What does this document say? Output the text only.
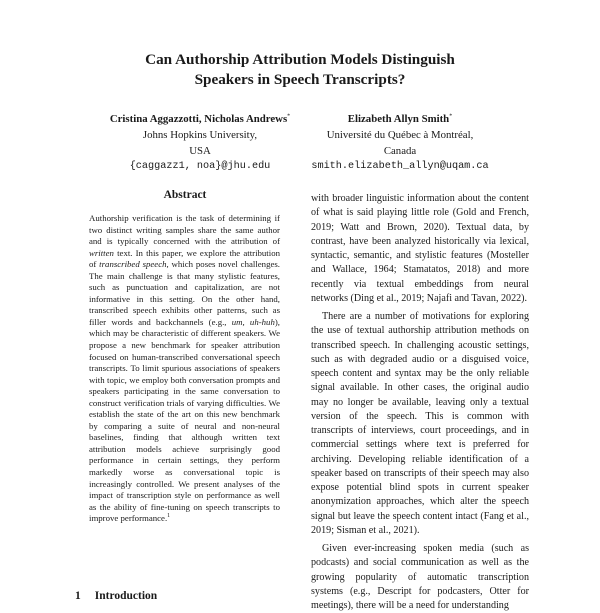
Can Authorship Attribution Models Distinguish
Speakers in Speech Transcripts?
Cristina Aggazzotti, Nicholas Andrews*
Johns Hopkins University,
USA
{caggazz1, noa}@jhu.edu
Elizabeth Allyn Smith*
Université du Québec à Montréal,
Canada
smith.elizabeth_allyn@uqam.ca
Abstract
Authorship verification is the task of determining if two distinct writing samples share the same author and is typically concerned with the attribution of written text. In this paper, we explore the attribution of transcribed speech, which poses novel challenges. The main challenge is that many stylistic features, such as punctuation and capitalization, are not informative in this setting. On the other hand, transcribed speech exhibits other patterns, such as filler words and backchannels (e.g., um, uh-huh), which may be characteristic of different speakers. We propose a new benchmark for speaker attribution focused on human-transcribed conversational speech transcripts. To limit spurious associations of speakers with topic, we employ both conversation prompts and speakers participating in the same conversation to construct verification trials of varying difficulties. We establish the state of the art on this new benchmark by comparing a suite of neural and non-neural baselines, finding that although written text attribution models achieve surprisingly good performance in certain settings, they perform markedly worse as conversational topic is increasingly controlled. We present analyses of the impact of transcription style on performance as well as the ability of fine-tuning on speech transcripts to improve performance.$^1$

with broader linguistic information about the content of what is said playing little role (Gold and French, 2019; Watt and Brown, 2020). Textual data, by contrast, have been analyzed historically via lexical, syntactic, semantic, and stylistic features (Mosteller and Wallace, 1964; Stamatatos, 2018) and more recently via textual embeddings from neural networks (Ding et al., 2019; Najafi and Tavan, 2022).

There are a number of motivations for exploring the use of textual authorship attribution methods on transcribed speech. In challenging acoustic settings, such as with degraded audio or a disguised voice, speech content and syntax may be the only reliable signal available. In other cases, the original audio may no longer be available, leaving only a textual version of the speech. This is common with transcripts of interviews, court proceedings, and in commercial settings where text is preferred for archiving. Developing reliable identification of a speaker based on transcripts of their speech may also expose potential blind spots in current speaker anonymization approaches, which alter the speech signal but leave the speech content intact (Fang et al., 2019; Sisman et al., 2021).

Given ever-increasing spoken media (such as podcasts) and social communication as well as the growing popularity of automatic transcription systems (e.g., Descript for podcasters, Otter for meetings), there will be a need for understanding

1 Introduction
